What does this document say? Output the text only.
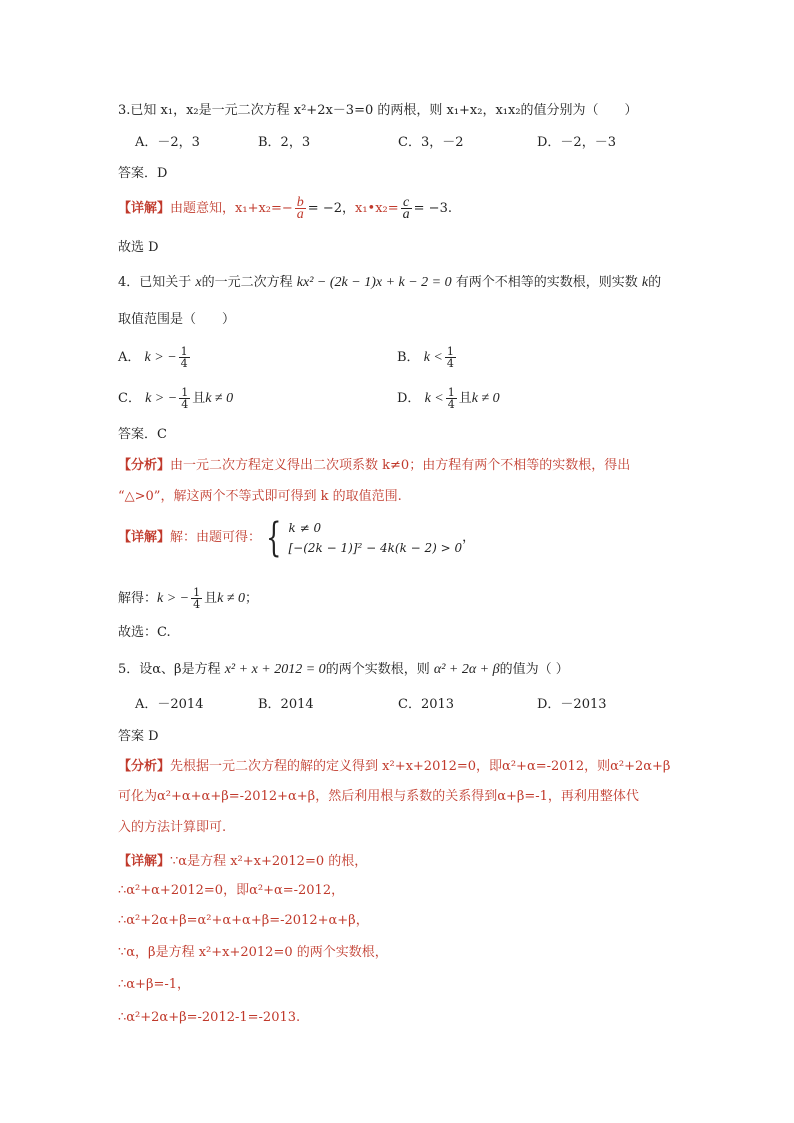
3.已知 x₁，x₂是一元二次方程 x²+2x－3=0 的两根，则 x₁+x₂，x₁x₂的值分别为（　　）
A．－2，3	B．2，3	C．3，－2	D．－2，－3
答案．D
【详解】由题意知，$x_1+x_2=- \frac{b}{a} = -2$，x₁•x₂= $\frac{c}{a} = -3$.
故选 D
4．已知关于 x的一元二次方程 kx² − (2k − 1)x + k − 2 = 0 有两个不相等的实数根，则实数 k的
取值范围是（　　）
A． k > − $\frac{1}{4}$	B． $k < \frac{1}{4}$
C． k > − $\frac{1}{4}$ 且k ≠ 0	D． $k < \frac{1}{4}$ 且k ≠ 0
答案．C
【分析】由一元二次方程定义得出二次项系数 k≠0；由方程有两个不相等的实数根，得出
“△>0”，解这两个不等式即可得到 k 的取值范围.
【详解】 解：由题可得： { k ≠ 0
[−(2k − 1)]² − 4k(k − 2) > 0
，
解得：k > − $\frac{1}{4}$ 且k ≠ 0；
故选：C.
5．设α、β是方程 x² + x + 2012 = 0的两个实数根，则 α² + 2α + β的值为（ ）
A．－2014	B．2014	C．2013	D．－2013
答案 D
【分析】先根据一元二次方程的解的定义得到 x²+x+2012=0，即α²+α=-2012，则α²+2α+β
可化为α²+α+α+β=-2012+α+β，然后利用根与系数的关系得到α+β=-1，再利用整体代
入的方法计算即可.
【详解】∵α是方程 x²+x+2012=0 的根，
∴α²+α+2012=0，即α²+α=-2012，
∴α²+2α+β=α²+α+α+β=-2012+α+β，
∵α，β是方程 x²+x+2012=0 的两个实数根，
∴α+β=-1，
∴α²+2α+β=-2012-1=-2013.
